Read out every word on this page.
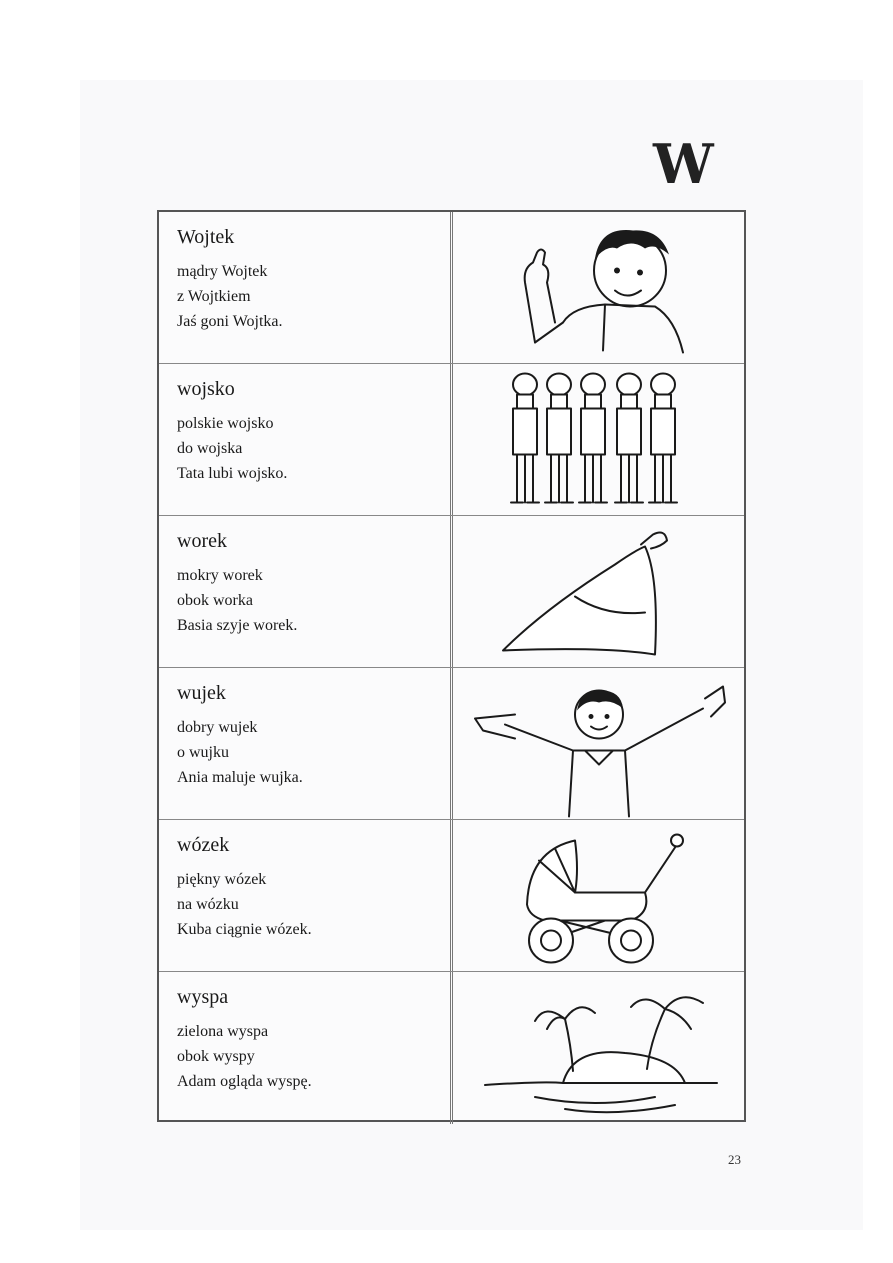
W
Wojtek
mądry Wojtek
z Wojtkiem
Jaś goni Wojtka.
wojsko
polskie wojsko
do wojska
Tata lubi wojsko.
worek
mokry worek
obok worka
Basia szyje worek.
wujek
dobry wujek
o wujku
Ania maluje wujka.
wózek
piękny wózek
na wózku
Kuba ciągnie wózek.
wyspa
zielona wyspa
obok wyspy
Adam ogląda wyspę.
23
